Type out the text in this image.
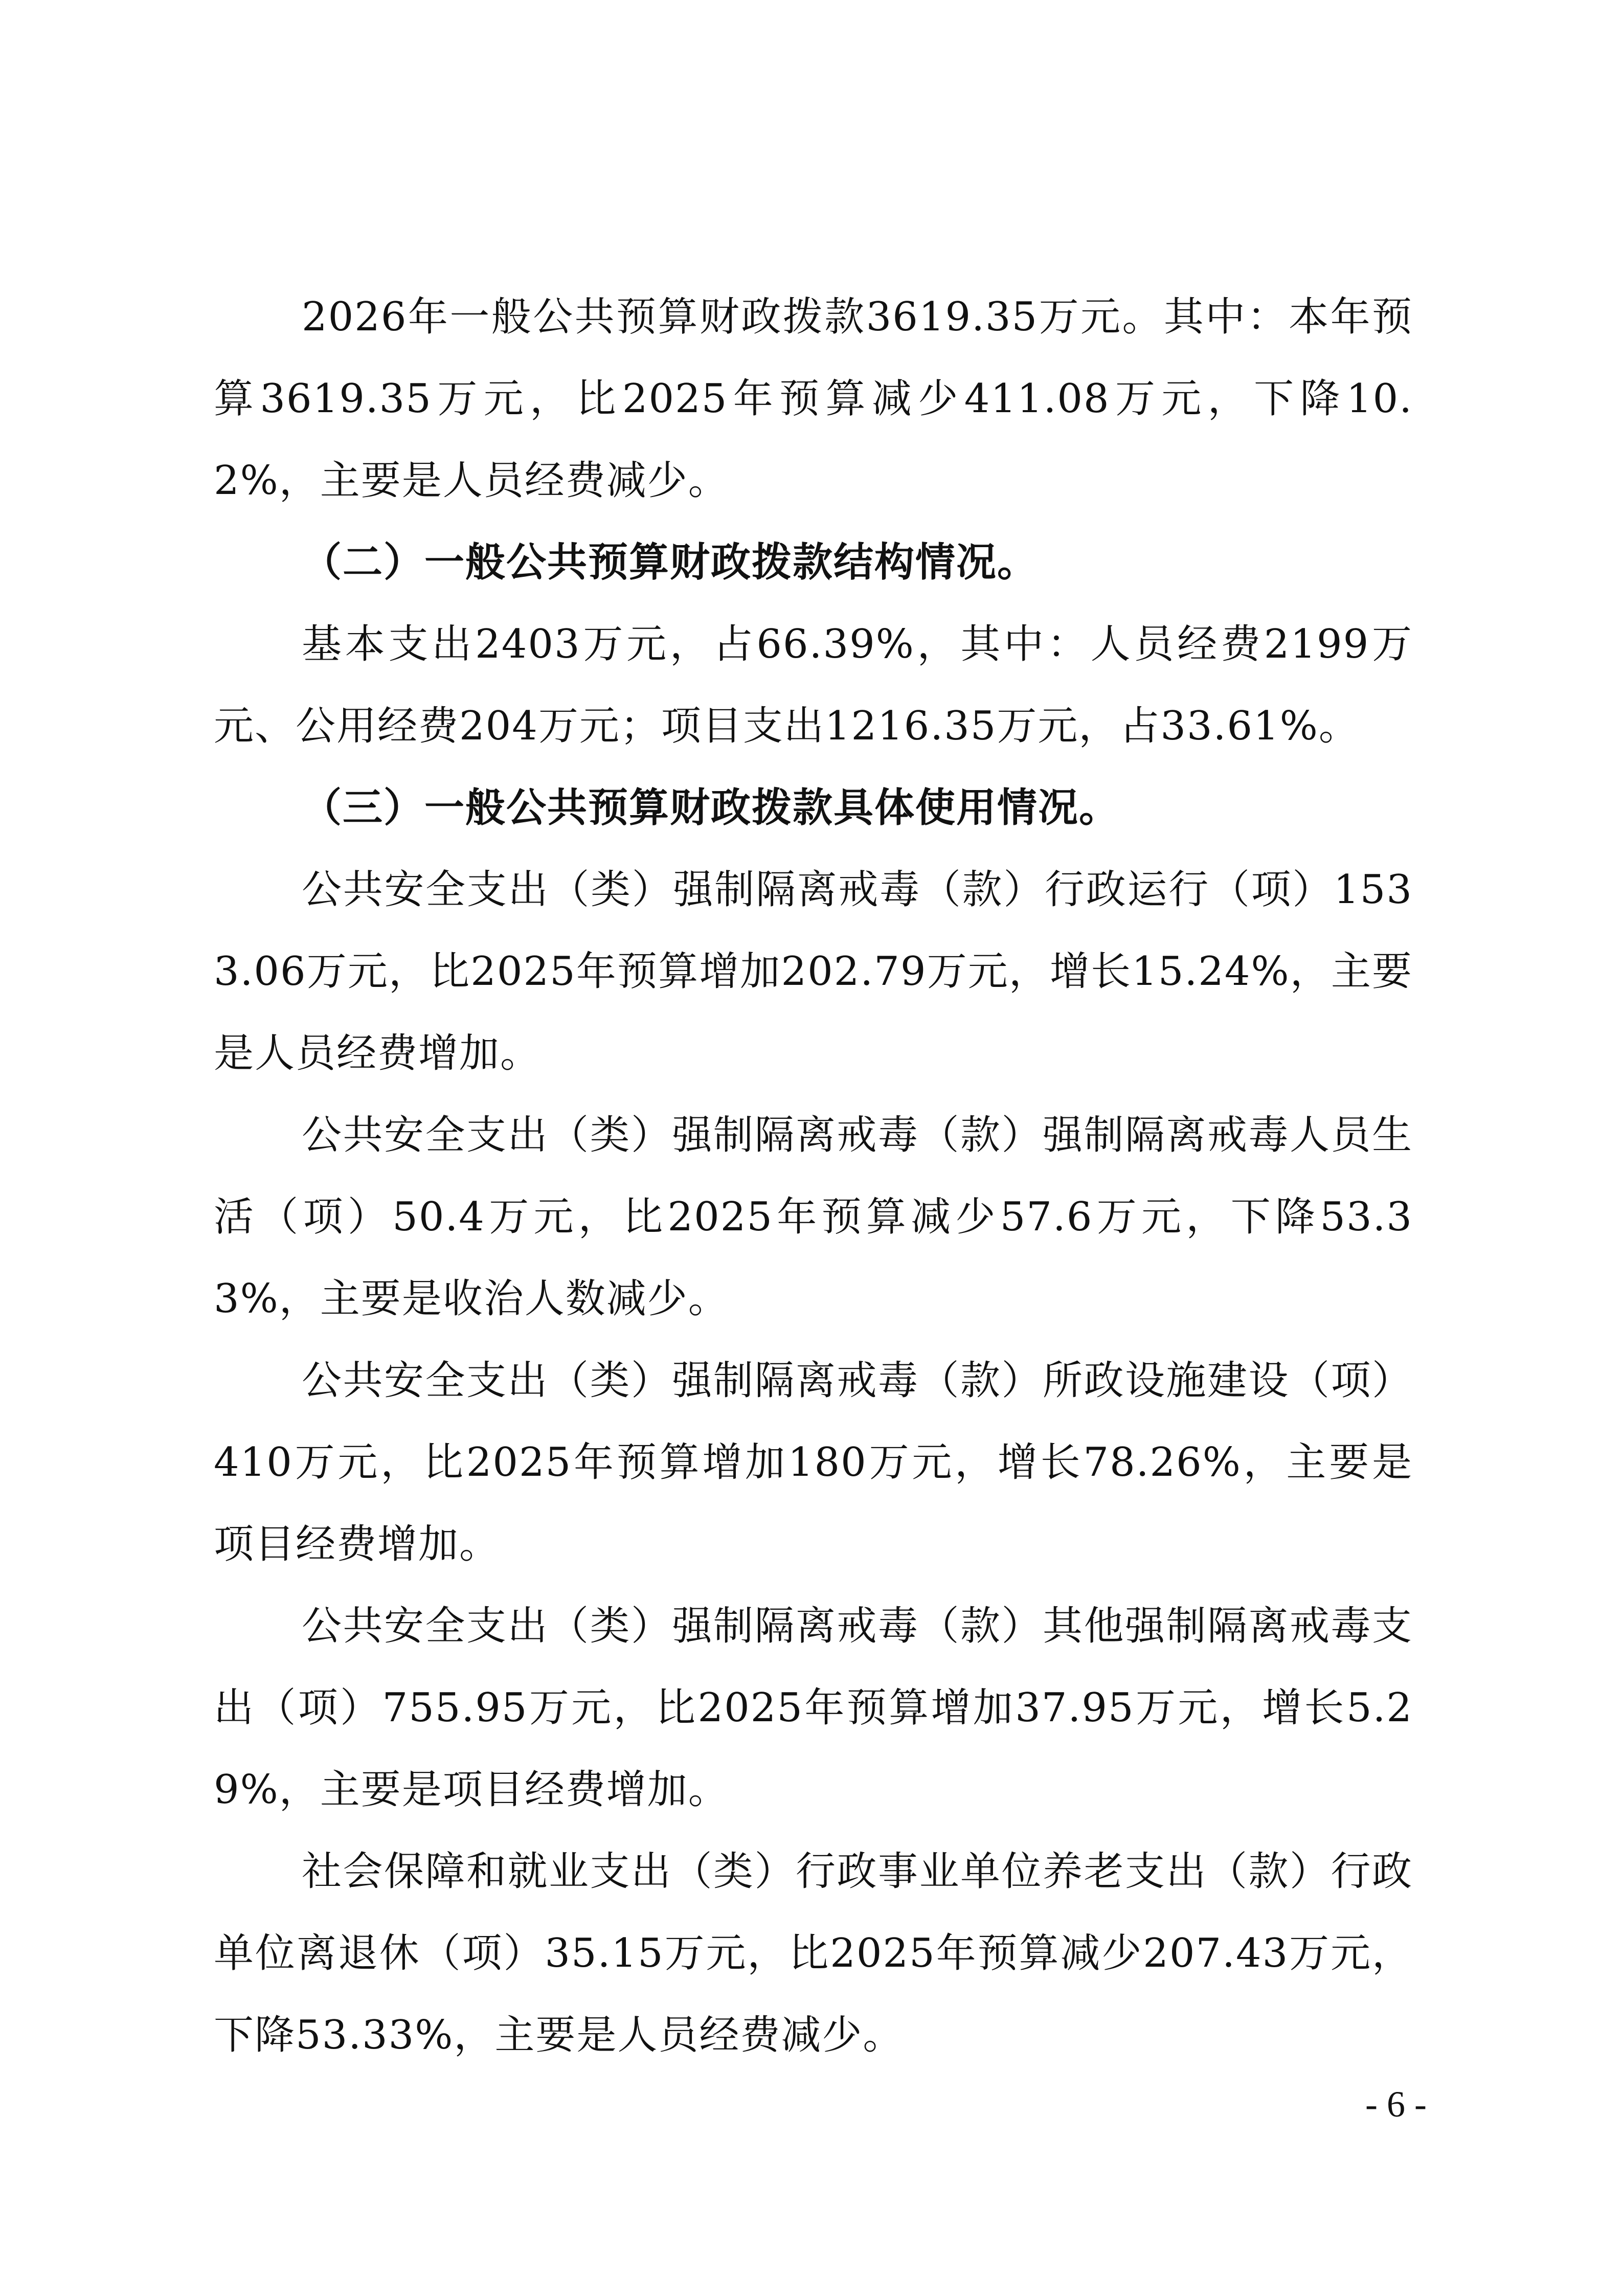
2026年一般公共预算财政拨款3619.35万元。其中：本年预算3619.35万元，比2025年预算减少411.08万元，下降10.2%，主要是人员经费减少。

（二）一般公共预算财政拨款结构情况。

基本支出2403万元，占66.39%，其中：人员经费2199万元、公用经费204万元；项目支出1216.35万元，占33.61%。

（三）一般公共预算财政拨款具体使用情况。

公共安全支出（类）强制隔离戒毒（款）行政运行（项）1533.06万元，比2025年预算增加202.79万元，增长15.24%，主要是人员经费增加。

公共安全支出（类）强制隔离戒毒（款）强制隔离戒毒人员生活（项）50.4万元，比2025年预算减少57.6万元，下降53.33%，主要是收治人数减少。

公共安全支出（类）强制隔离戒毒（款）所政设施建设（项）410万元，比2025年预算增加180万元，增长78.26%，主要是项目经费增加。

公共安全支出（类）强制隔离戒毒（款）其他强制隔离戒毒支出（项）755.95万元，比2025年预算增加37.95万元，增长5.29%，主要是项目经费增加。

社会保障和就业支出（类）行政事业单位养老支出（款）行政单位离退休（项）35.15万元，比2025年预算减少207.43万元，下降53.33%，主要是人员经费减少。

- 6 -
